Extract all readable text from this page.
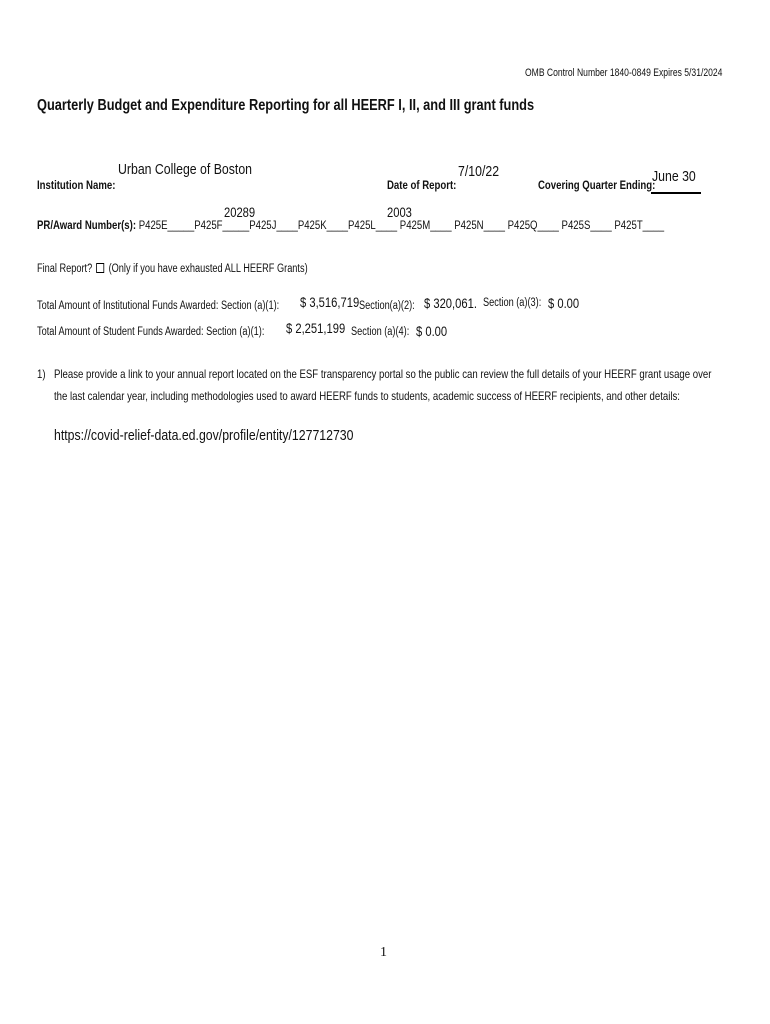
OMB Control Number 1840-0849 Expires 5/31/2024
Quarterly Budget and Expenditure Reporting for all HEERF I, II, and III grant funds
Institution Name:
Urban College of Boston
Date of Report:
7/10/22
Covering Quarter Ending:
June 30
PR/Award Number(s): P425E_____P425F_____P425J____P425K____P425L____ P425M____ P425N____ P425Q____ P425S____ P425T____
20289	2003
Final Report? (Only if you have exhausted ALL HEERF Grants)
Total Amount of Institutional Funds Awarded: Section (a)(1): $ 3,516,719 Section(a)(2): $ 320,061. Section (a)(3): $ 0.00
Total Amount of Student Funds Awarded: Section (a)(1): $ 2,251,199 Section (a)(4): $ 0.00
1) Please provide a link to your annual report located on the ESF transparency portal so the public can review the full details of your HEERF grant usage over
the last calendar year, including methodologies used to award HEERF funds to students, academic success of HEERF recipients, and other details:
https://covid-relief-data.ed.gov/profile/entity/127712730
1
